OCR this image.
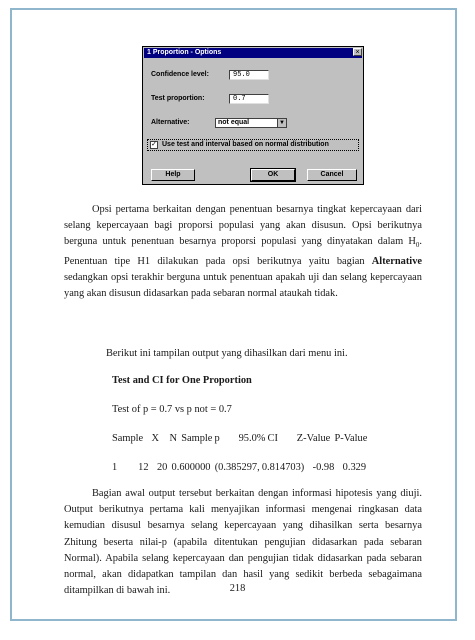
1 Proportion - Options	×
Confidence level:	95.0
Test proportion:	0.7
Alternative:	not equal	▼
✓ Use test and interval based on normal distribution
Help	OK	Cancel
Opsi pertama berkaitan dengan penentuan besarnya tingkat kepercayaan dari selang kepercayaan bagi proporsi populasi yang akan disusun. Opsi berikutnya berguna untuk penentuan besarnya proporsi populasi yang dinyatakan dalam $H_0$. Penentuan tipe H1 dilakukan pada opsi berikutnya yaitu bagian Alternative sedangkan opsi terakhir berguna untuk penentuan apakah uji dan selang kepercayaan yang akan disusun didasarkan pada sebaran normal ataukah tidak.
Berikut ini tampilan output yang dihasilkan dari menu ini.
Test and CI for One Proportion
Test of p = 0.7 vs p not = 0.7
Sample    X     N  Sample p         95.0% CI         Z-Value  P-Value
1          12    20  0.600000  (0.385297, 0.814703)    -0.98    0.329
Bagian awal output tersebut berkaitan dengan informasi hipotesis yang diuji. Output berikutnya pertama kali menyajikan informasi mengenai ringkasan data kemudian disusul besarnya selang kepercayaan yang dihasilkan serta besarnya Zhitung beserta nilai-p (apabila ditentukan pengujian didasarkan pada sebaran Normal). Apabila selang kepercayaan dan pengujian tidak didasarkan pada sebaran normal, akan didapatkan tampilan dan hasil yang sedikit berbeda sebagaimana ditampilkan di bawah ini.	218
